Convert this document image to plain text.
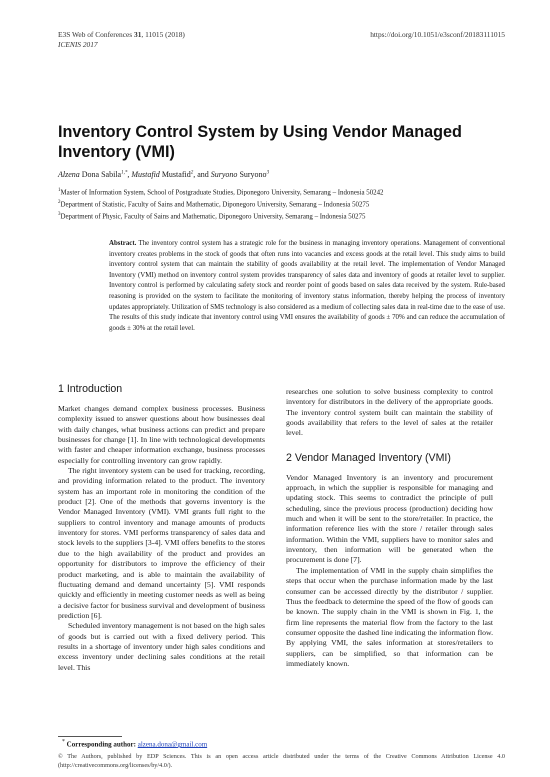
E3S Web of Conferences 31, 11015 (2018)	https://doi.org/10.1051/e3sconf/20183111015
ICENIS 2017
Inventory Control System by Using Vendor Managed Inventory (VMI)
Alzena Dona Sabila$^{1,*}$, Mustafid Mustafid$^2$, and Suryono Suryono$^3$
$^1$Master of Information System, School of Postgraduate Studies, Diponegoro University, Semarang – Indonesia 50242
$^2$Department of Statistic, Faculty of Sains and Mathematic, Diponegoro University, Semarang – Indonesia 50275
$^3$Department of Physic, Faculty of Sains and Mathematic, Diponegoro University, Semarang – Indonesia 50275
Abstract. The inventory control system has a strategic role for the business in managing inventory operations. Management of conventional inventory creates problems in the stock of goods that often runs into vacancies and excess goods at the retail level. This study aims to build inventory control system that can maintain the stability of goods availability at the retail level. The implementation of Vendor Managed Inventory (VMI) method on inventory control system provides transparency of sales data and inventory of goods at retailer level to supplier. Inventory control is performed by calculating safety stock and reorder point of goods based on sales data received by the system. Rule-based reasoning is provided on the system to facilitate the monitoring of inventory status information, thereby helping the process of inventory updates appropriately. Utilization of SMS technology is also considered as a medium of collecting sales data in real-time due to the ease of use. The results of this study indicate that inventory control using VMI ensures the availability of goods ± 70% and can reduce the accumulation of goods ± 30% at the retail level.
1 Introduction

Market changes demand complex business processes. Business complexity issued to answer questions about how businesses deal with daily changes, what business actions can predict and prepare businesses for change [1]. In line with technological developments with faster and cheaper information exchange, business processes especially for controlling inventory can grow rapidly.

The right inventory system can be used for tracking, recording, and providing information related to the product. The inventory system has an important role in monitoring the condition of the product [2]. One of the methods that governs inventory is the Vendor Managed Inventory (VMI). VMI grants full right to the suppliers to control inventory and manage amounts of products inventory for stores. VMI performs transparency of sales data and stock levels to the suppliers [3-4]. VMI offers benefits to the stores due to the high availability of the product and provides an opportunity for distributors to improve the efficiency of their product marketing, and is able to maintain the availability of fluctuating demand and demand uncertainty [5]. VMI responds quickly and efficiently in meeting customer needs as well as being a decisive factor for business survival and development of business prediction [6].

Scheduled inventory management is not based on the high sales of goods but is carried out with a fixed delivery period. This results in a shortage of inventory under high sales conditions and excess inventory under declining sales conditions at the retail level. This

researches one solution to solve business complexity to control inventory for distributors in the delivery of the appropriate goods. The inventory control system built can maintain the stability of goods availability that refers to the level of sales at the retailer level.

2 Vendor Managed Inventory (VMI)

Vendor Managed Inventory is an inventory and procurement approach, in which the supplier is responsible for managing and updating stock. This seems to contradict the principle of pull scheduling, since the previous process (production) deciding how much and when it will be sent to the store/retailer. In practice, the information reference lies with the store / retailer through sales information. Within the VMI, suppliers have to monitor sales and inventory, then information will be generated when the procurement is done [7].

The implementation of VMI in the supply chain simplifies the steps that occur when the purchase information made by the last consumer can be accessed directly by the distributor / supplier. Thus the feedback to determine the speed of the flow of goods can be known. The supply chain in the VMI is shown in Fig. 1, the firm line represents the material flow from the factory to the last consumer opposite the dashed line indicating the information flow. By applying VMI, the sales information at stores/retailers to suppliers, can be simplified, so that information can be immediately known.

* Corresponding author: alzena.dona@gmail.com
© The Authors, published by EDP Sciences. This is an open access article distributed under the terms of the Creative Commons Attribution License 4.0 (http://creativecommons.org/licenses/by/4.0/).
